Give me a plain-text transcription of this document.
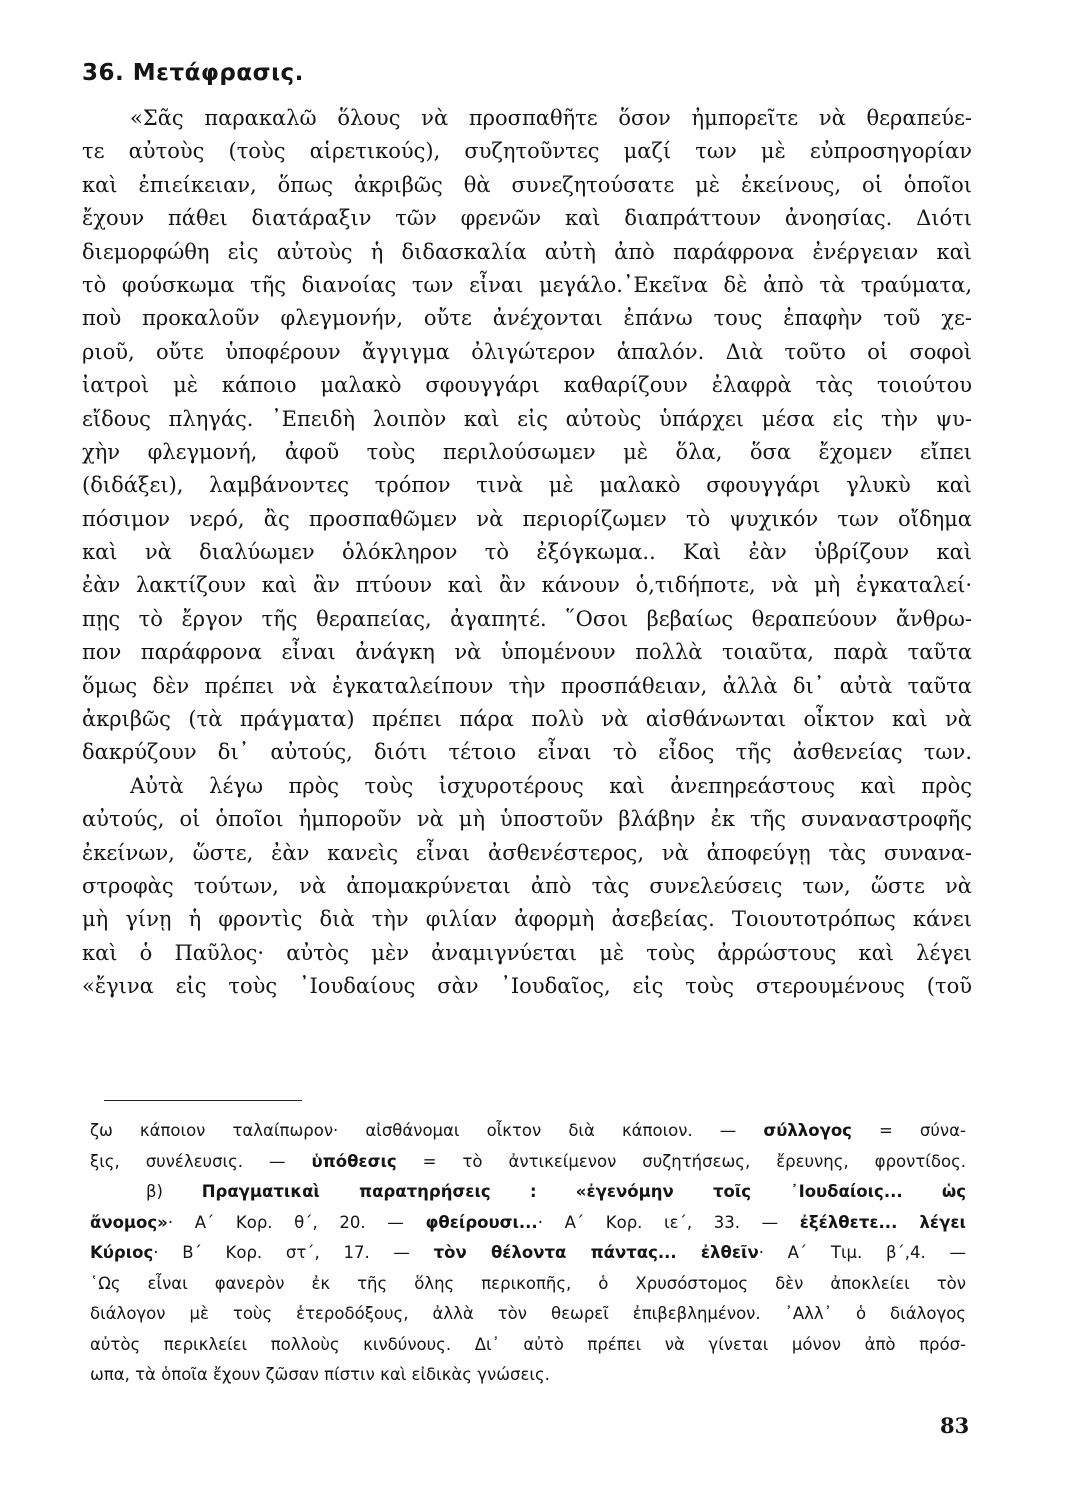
36. Μετάφρασις.
«Σᾶς παρακαλῶ ὅλους νὰ προσπαθῆτε ὅσον ἠμπορεῖτε νὰ θεραπεύε-
τε αὐτοὺς (τοὺς αἱρετικούς), συζητοῦντες μαζί των μὲ εὐπροσηγορίαν
καὶ ἐπιείκειαν, ὅπως ἀκριβῶς θὰ συνεζητούσατε μὲ ἐκείνους, οἱ ὁποῖοι
ἔχουν πάθει διατάραξιν τῶν φρενῶν καὶ διαπράττουν ἀνοησίας. Διότι
διεμορφώθη εἰς αὐτοὺς ἡ διδασκαλία αὐτὴ ἀπὸ παράφρονα ἐνέργειαν καὶ
τὸ φούσκωμα τῆς διανοίας των εἶναι μεγάλο.᾿Εκεῖνα δὲ ἀπὸ τὰ τραύματα,
ποὺ προκαλοῦν φλεγμονήν, οὔτε ἀνέχονται ἐπάνω τους ἐπαφὴν τοῦ χε-
ριοῦ, οὔτε ὑποφέρουν ἄγγιγμα ὀλιγώτερον ἁπαλόν. Διὰ τοῦτο οἱ σοφοὶ
ἰατροὶ μὲ κάποιο μαλακὸ σφουγγάρι καθαρίζουν ἐλαφρὰ τὰς τοιούτου
εἴδους πληγάς. ᾿Επειδὴ λοιπὸν καὶ εἰς αὐτοὺς ὑπάρχει μέσα εἰς τὴν ψυ-
χὴν φλεγμονή, ἀφοῦ τοὺς περιλούσωμεν μὲ ὅλα, ὅσα ἔχομεν εἴπει
(διδάξει), λαμβάνοντες τρόπον τινὰ μὲ μαλακὸ σφουγγάρι γλυκὺ καὶ
πόσιμον νερό, ἂς προσπαθῶμεν νὰ περιορίζωμεν τὸ ψυχικόν των οἴδημα
καὶ νὰ διαλύωμεν ὁλόκληρον τὸ ἐξόγκωμα.. Καὶ ἐὰν ὑβρίζουν καὶ
ἐὰν λακτίζουν καὶ ἂν πτύουν καὶ ἂν κάνουν ὁ,τιδήποτε, νὰ μὴ ἐγκαταλεί·
πῃς τὸ ἔργον τῆς θεραπείας, ἀγαπητέ. ῞Οσοι βεβαίως θεραπεύουν ἄνθρω-
πον παράφρονα εἶναι ἀνάγκη νὰ ὑπομένουν πολλὰ τοιαῦτα, παρὰ ταῦτα
ὅμως δὲν πρέπει νὰ ἐγκαταλείπουν τὴν προσπάθειαν, ἀλλὰ δι᾿ αὐτὰ ταῦτα
ἀκριβῶς (τὰ πράγματα) πρέπει πάρα πολὺ νὰ αἰσθάνωνται οἶκτον καὶ νὰ
δακρύζουν δι᾿ αὐτούς, διότι τέτοιο εἶναι τὸ εἶδος τῆς ἀσθενείας των.
Αὐτὰ λέγω πρὸς τοὺς ἰσχυροτέρους καὶ ἀνεπηρεάστους καὶ πρὸς
αὐτούς, οἱ ὁποῖοι ἠμποροῦν νὰ μὴ ὑποστοῦν βλάβην ἐκ τῆς συναναστροφῆς
ἐκείνων, ὥστε, ἐὰν κανεὶς εἶναι ἀσθενέστερος, νὰ ἀποφεύγῃ τὰς συνανα-
στροφὰς τούτων, νὰ ἀπομακρύνεται ἀπὸ τὰς συνελεύσεις των, ὥστε νὰ
μὴ γίνῃ ἡ φροντὶς διὰ τὴν φιλίαν ἀφορμὴ ἀσεβείας. Τοιουτοτρόπως κάνει
καὶ ὁ Παῦλος· αὐτὸς μὲν ἀναμιγνύεται μὲ τοὺς ἀρρώστους καὶ λέγει
«ἔγινα εἰς τοὺς ᾿Ιουδαίους σὰν ᾿Ιουδαῖος, εἰς τοὺς στερουμένους (τοῦ
ζω κάποιον ταλαίπωρον· αἰσθάνομαι οἶκτον διὰ κάποιον. — σύλλογος = σύνα-
ξις, συνέλευσις. — ὑπόθεσις = τὸ ἀντικείμενον συζητήσεως, ἔρευνης, φροντίδος.
β) Πραγματικαὶ παρατηρήσεις : «ἐγενόμην τοῖς ᾿Ιουδαίοις... ὡς
ἄνομος»· Α΄ Κορ. θ΄, 20. — φθείρουσι...· Α΄ Κορ. ιε΄, 33. — ἐξέλθετε... λέγει
Κύριος· Β΄ Κορ. στ΄, 17. — τὸν θέλοντα πάντας... ἐλθεῖν· Α΄ Τιμ. β΄,4. —
῾Ως εἶναι φανερὸν ἐκ τῆς ὅλης περικοπῆς, ὁ Χρυσόστομος δὲν ἀποκλείει τὸν
διάλογον μὲ τοὺς ἑτεροδόξους, ἀλλὰ τὸν θεωρεῖ ἐπιβεβλημένον. ᾿Αλλ᾿ ὁ διάλογος
αὐτὸς περικλείει πολλοὺς κινδύνους. Δι᾿ αὐτὸ πρέπει νὰ γίνεται μόνον ἀπὸ πρόσ-
ωπα, τὰ ὁποῖα ἔχουν ζῶσαν πίστιν καὶ εἰδικὰς γνώσεις.
83
